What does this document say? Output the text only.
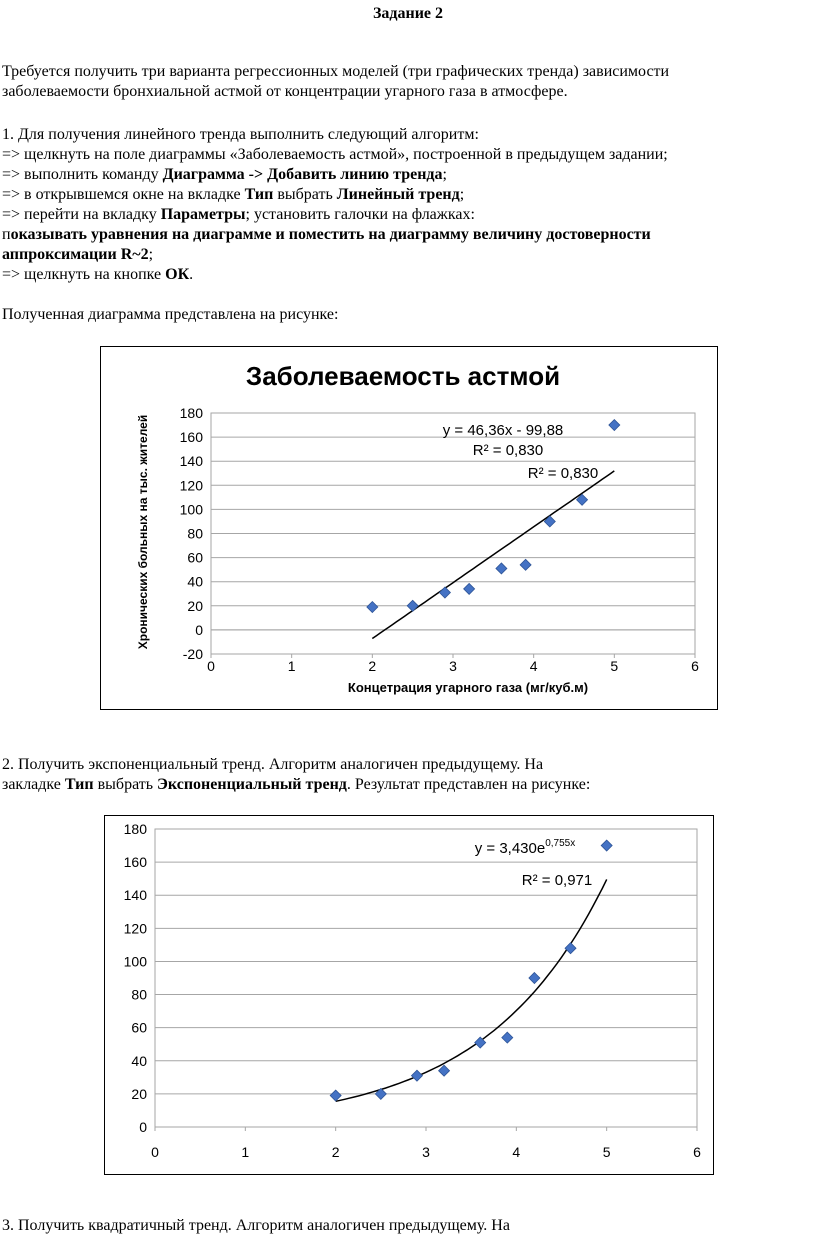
Задание 2

Требуется получить три варианта регрессионных моделей (три графических тренда) зависимости
заболеваемости бронхиальной астмой от концентрации угарного газа в атмосфере.

1. Для получения линейного тренда выполнить следующий алгоритм:
=> щелкнуть на поле диаграммы «Заболеваемость астмой», построенной в предыдущем задании;
=> выполнить команду Диаграмма -> Добавить линию тренда;
=> в открывшемся окне на вкладке Тип выбрать Линейный тренд;
=> перейти на вкладку Параметры; установить галочки на флажках:
показывать уравнения на диаграмме и поместить на диаграмму величину достоверности
аппроксимации R~2;
=> щелкнуть на кнопке ОК.

Полученная диаграмма представлена на рисунке:

Заболеваемость астмой
Хронических больных на тыс. жителей
Концетрация угарного газа (мг/куб.м)
-20
0
20
40
60
80
100
120
140
160
180
0	1	2	3	4	5	6
y = 46,36x - 99,88
R² = 0,830
R² = 0,830

2. Получить экспоненциальный тренд. Алгоритм аналогичен предыдущему. На
закладке Тип выбрать Экспоненциальный тренд. Результат представлен на рисунке:

0
20
40
60
80
100
120
140
160
180
0	1	2	3	4	5	6
$y = 3,430e^{0,755x}$
R² = 0,971

3. Получить квадратичный тренд. Алгоритм аналогичен предыдущему. На
